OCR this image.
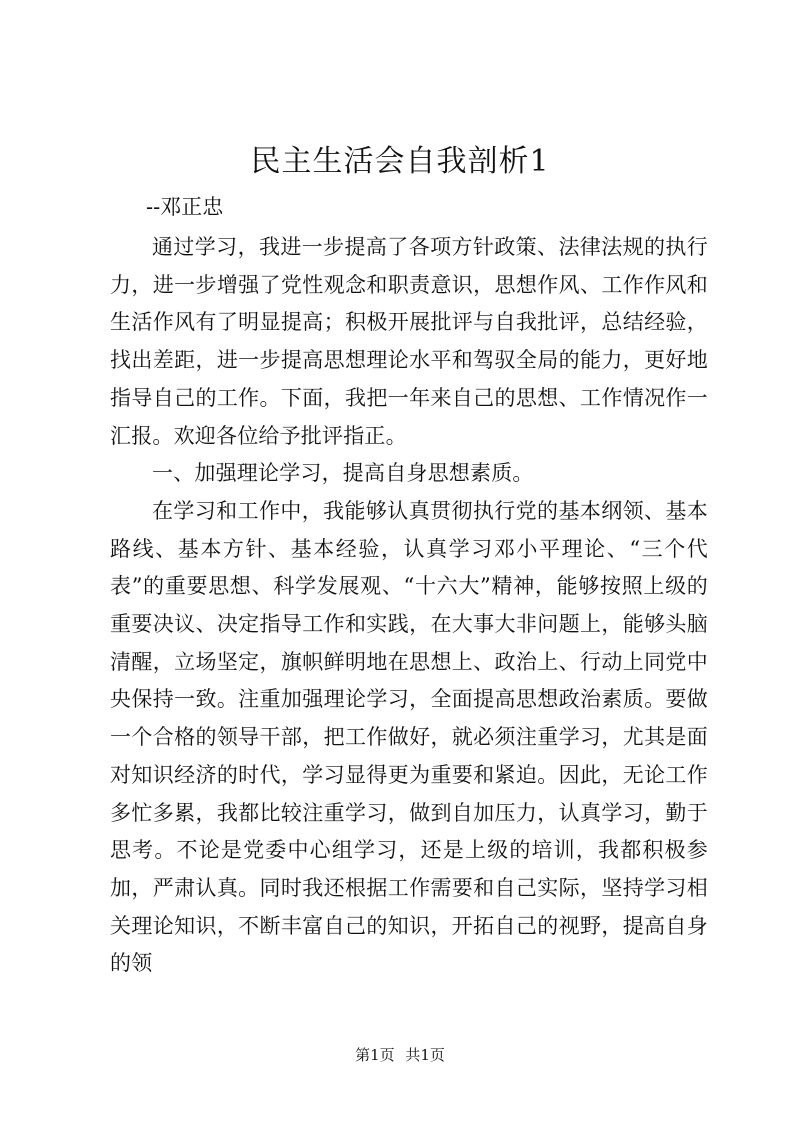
民主生活会自我剖析1
--邓正忠

通过学习，我进一步提高了各项方针政策、法律法规的执行力，进一步增强了党性观念和职责意识，思想作风、工作作风和生活作风有了明显提高；积极开展批评与自我批评，总结经验，找出差距，进一步提高思想理论水平和驾驭全局的能力，更好地指导自己的工作。下面，我把一年来自己的思想、工作情况作一汇报。欢迎各位给予批评指正。

一、加强理论学习，提高自身思想素质。

在学习和工作中，我能够认真贯彻执行党的基本纲领、基本路线、基本方针、基本经验，认真学习邓小平理论、“三个代表”的重要思想、科学发展观、“十六大”精神，能够按照上级的重要决议、决定指导工作和实践，在大事大非问题上，能够头脑清醒，立场坚定，旗帜鲜明地在思想上、政治上、行动上同党中央保持一致。注重加强理论学习，全面提高思想政治素质。要做一个合格的领导干部，把工作做好，就必须注重学习，尤其是面对知识经济的时代，学习显得更为重要和紧迫。因此，无论工作多忙多累，我都比较注重学习，做到自加压力，认真学习，勤于思考。不论是党委中心组学习，还是上级的培训，我都积极参加，严肃认真。同时我还根据工作需要和自己实际，坚持学习相关理论知识，不断丰富自己的知识，开拓自己的视野，提高自身的领

第1页 共1页
